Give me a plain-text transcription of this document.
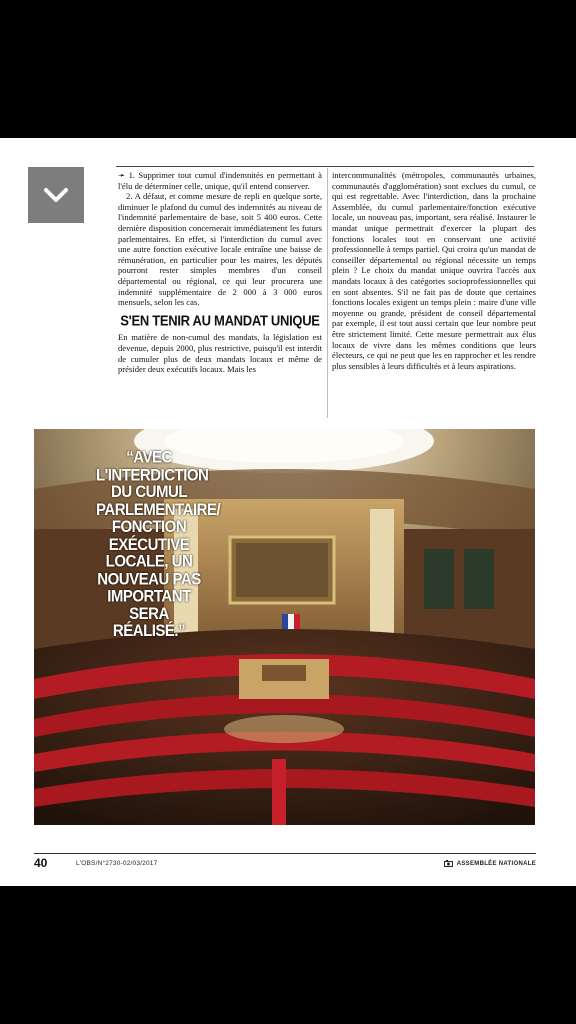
➛ 1. Supprimer tout cumul d'indemnités en permettant à l'élu de déterminer celle, unique, qu'il entend conserver.

2. A défaut, et comme mesure de repli en quelque sorte, diminuer le plafond du cumul des indemnités au niveau de l'indemnité parlementaire de base, soit 5 400 euros. Cette dernière disposition concernerait immédiatement les futurs parlementaires. En effet, si l'interdiction du cumul avec une autre fonction exécutive locale entraîne une baisse de rémunération, en particulier pour les maires, les députés pourront rester simples membres d'un conseil départemental ou régional, ce qui leur procurera une indemnité supplémentaire de 2 000 à 3 000 euros mensuels, selon les cas.

S'EN TENIR AU MANDAT UNIQUE

En matière de non-cumul des mandats, la législation est devenue, depuis 2000, plus restrictive, puisqu'il est interdit de cumuler plus de deux mandats locaux et même de présider deux exécutifs locaux. Mais les

intercommunalités (métropoles, communautés urbaines, communautés d'agglomération) sont exclues du cumul, ce qui est regrettable. Avec l'interdiction, dans la prochaine Assemblée, du cumul parlementaire/fonction exécutive locale, un nouveau pas, important, sera réalisé. Instaurer le mandat unique permettrait d'exercer la plupart des fonctions locales tout en conservant une activité professionnelle à temps partiel. Qui croira qu'un mandat de conseiller départemental ou régional nécessite un temps plein ? Le choix du mandat unique ouvrira l'accès aux mandats locaux à des catégories socioprofessionnelles qui en sont absentes. S'il ne fait pas de doute que certaines fonctions locales exigent un temps plein : maire d'une ville moyenne ou grande, président de conseil départemental par exemple, il est tout aussi certain que leur nombre peut être strictement limité. Cette mesure permettrait aux élus locaux de vivre dans les mêmes conditions que leurs électeurs, ce qui ne peut que les en rapprocher et les rendre plus sensibles à leurs difficultés et à leurs aspirations.

“AVEC L'INTERDICTION DU CUMUL PARLEMENTAIRE/ FONCTION EXÉCUTIVE LOCALE, UN NOUVEAU PAS IMPORTANT SERA RÉALISÉ.”
40	L'OBS/N°2730-02/03/2017	ASSEMBLÉE NATIONALE
